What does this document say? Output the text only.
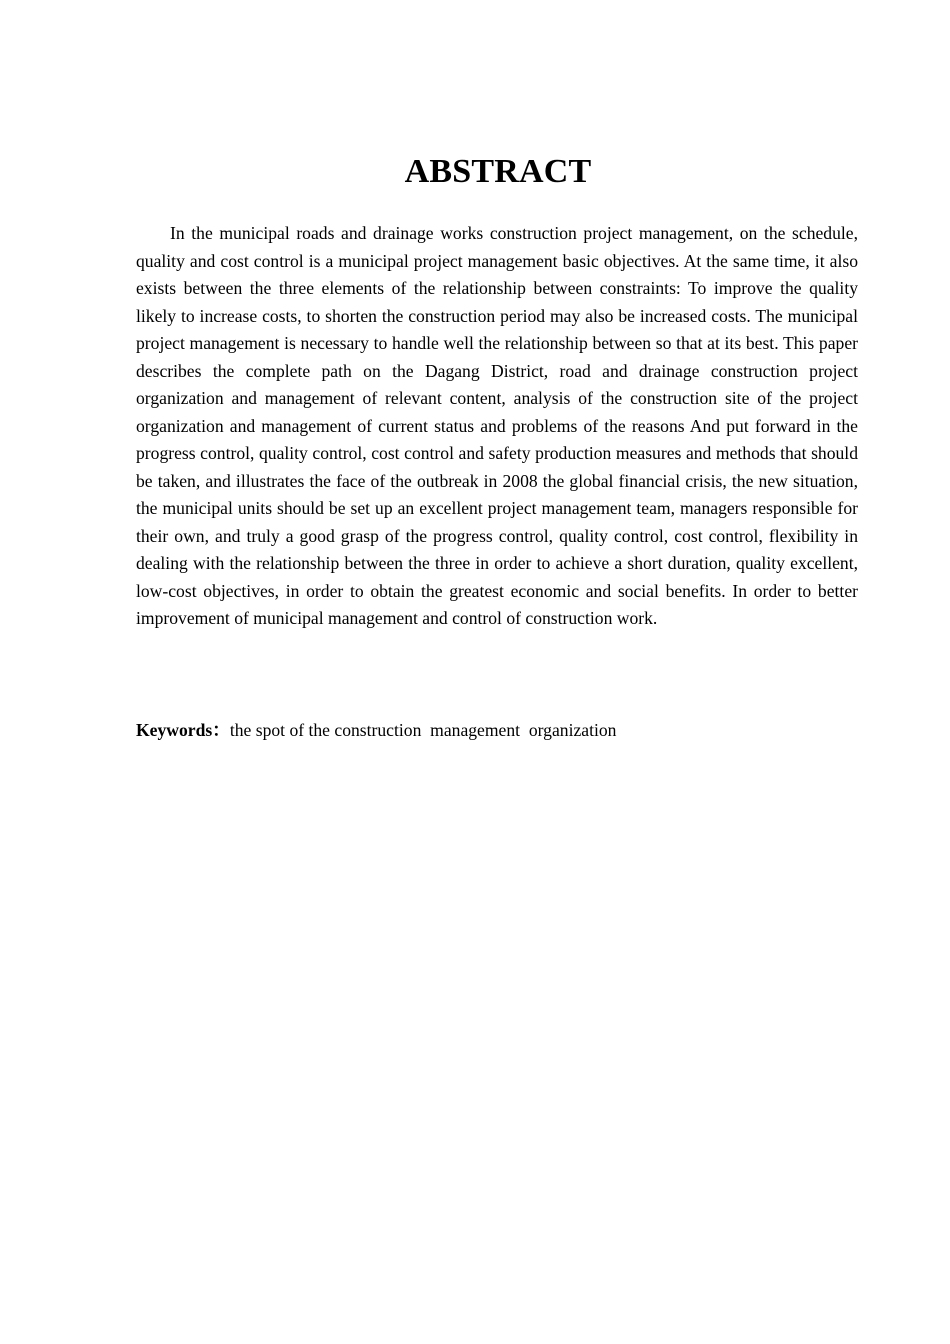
ABSTRACT

In the municipal roads and drainage works construction project management, on the schedule, quality and cost control is a municipal project management basic objectives. At the same time, it also exists between the three elements of the relationship between constraints: To improve the quality likely to increase costs, to shorten the construction period may also be increased costs. The municipal project management is necessary to handle well the relationship between so that at its best. This paper describes the complete path on the Dagang District, road and drainage construction project organization and management of relevant content, analysis of the construction site of the project organization and management of current status and problems of the reasons And put forward in the progress control, quality control, cost control and safety production measures and methods that should be taken, and illustrates the face of the outbreak in 2008 the global financial crisis, the new situation, the municipal units should be set up an excellent project management team, managers responsible for their own, and truly a good grasp of the progress control, quality control, cost control, flexibility in dealing with the relationship between the three in order to achieve a short duration, quality excellent, low-cost objectives, in order to obtain the greatest economic and social benefits. In order to better improvement of municipal management and control of construction work.

Keywords：the spot of the construction  management  organization
